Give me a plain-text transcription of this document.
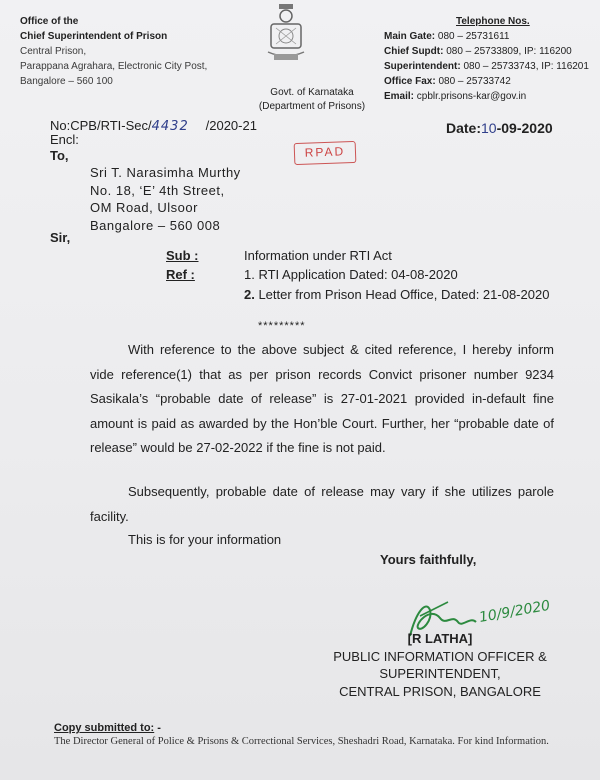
Office of the
Chief Superintendent of Prison
Central Prison,
Parappana Agrahara, Electronic City Post,
Bangalore – 560 100
Govt. of Karnataka
(Department of Prisons)
Telephone Nos.
Main Gate: 080 – 25731611
Chief Supdt: 080 – 25733809, IP: 116200
Superintendent: 080 – 25733743, IP: 116201
Office Fax: 080 – 25733742
Email: cpblr.prisons-kar@gov.in
No:CPB/RTI-Sec/4432 /2020-21
Encl:
To,
Date:10-09-2020
RPAD
Sri T. Narasimha Murthy
No. 18, ‘E’ 4th Street,
OM Road, Ulsoor
Bangalore – 560 008
Sir,
Sub :	Information under RTI Act
Ref :	1. RTI Application Dated: 04-08-2020
2. Letter from Prison Head Office, Dated: 21-08-2020
*********
With reference to the above subject & cited reference, I hereby inform vide reference(1) that as per prison records Convict prisoner number 9234 Sasikala’s “probable date of release” is 27-01-2021 provided in-default fine amount is paid as awarded by the Hon’ble Court. Further, her “probable date of release” would be 27-02-2022 if the fine is not paid.
Subsequently, probable date of release may vary if she utilizes parole facility.
This is for your information
Yours faithfully,
10/9/2020
[R LATHA]
PUBLIC INFORMATION OFFICER &
SUPERINTENDENT,
CENTRAL PRISON, BANGALORE
Copy submitted to: -
The Director General of Police & Prisons & Correctional Services, Sheshadri Road, Karnataka. For kind Information.
